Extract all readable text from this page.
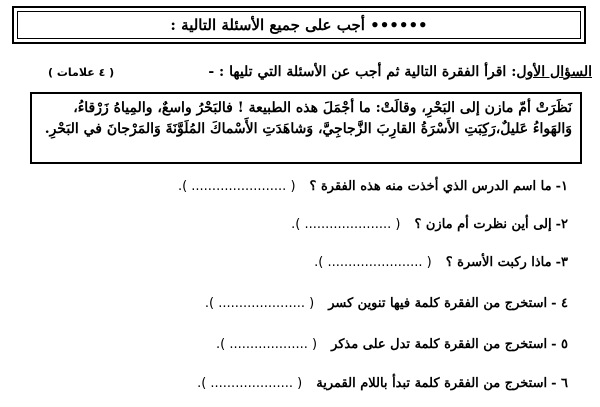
•••••• أجب على جميع الأسئلة التالية :
السؤال الأول: اقرأ الفقرة التالية ثم أجب عن الأسئلة التي تليها : -
( ٤ علامات )
نَظَرَتْ أمّ مازن إلى البَحْرِ، وقالَتْ: ما أجْمَلَ هذه الطبيعة ! فالبَحْرُ واسعٌ، والمِياهُ زَرْقاءُ، وَالهَواءُ عَليلٌ،رَكِبَتِ الأَسْرَةُ القارِبَ الزَّجاجِيَّ، وَشاهَدَتِ الأَسْماكَ المُلَوَّنَةَ وَالمَرْجانَ في البَحْرِ.
١-
ما اسم الدرس الذي أخذت منه هذه الفقرة ؟
( ....................... ).
٢-
إلى أين نظرت أم مازن ؟
( ..................... ).
٣-
ماذا ركبت الأسرة ؟
( ....................... ).
٤ -
استخرج من الفقرة كلمة فيها تنوين كسر
( ..................... ).
٥ -
استخرج من الفقرة كلمة تدل على مذكر
( ................... ).
٦ -
استخرج من الفقرة كلمة تبدأ باللام القمرية
( .................... ).
